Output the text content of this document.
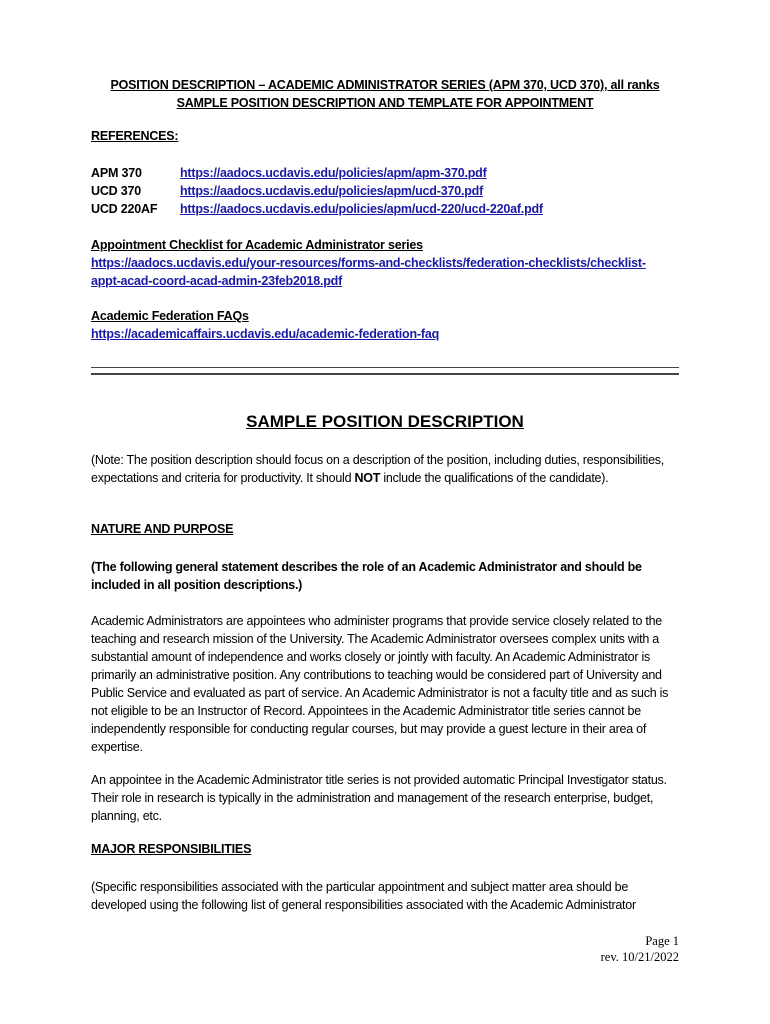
POSITION DESCRIPTION – ACADEMIC ADMINISTRATOR SERIES (APM 370, UCD 370), all ranks
SAMPLE POSITION DESCRIPTION AND TEMPLATE FOR APPOINTMENT
REFERENCES:
APM 370	https://aadocs.ucdavis.edu/policies/apm/apm-370.pdf
UCD 370	https://aadocs.ucdavis.edu/policies/apm/ucd-370.pdf
UCD 220AF	https://aadocs.ucdavis.edu/policies/apm/ucd-220/ucd-220af.pdf
Appointment Checklist for Academic Administrator series
https://aadocs.ucdavis.edu/your-resources/forms-and-checklists/federation-checklists/checklist-
appt-acad-coord-acad-admin-23feb2018.pdf
Academic Federation FAQs
https://academicaffairs.ucdavis.edu/academic-federation-faq
SAMPLE POSITION DESCRIPTION
(Note: The position description should focus on a description of the position, including duties, responsibilities, expectations and criteria for productivity. It should NOT include the qualifications of the candidate).
NATURE AND PURPOSE
(The following general statement describes the role of an Academic Administrator and should be included in all position descriptions.)
Academic Administrators are appointees who administer programs that provide service closely related to the teaching and research mission of the University. The Academic Administrator oversees complex units with a substantial amount of independence and works closely or jointly with faculty. An Academic Administrator is primarily an administrative position. Any contributions to teaching would be considered part of University and Public Service and evaluated as part of service. An Academic Administrator is not a faculty title and as such is not eligible to be an Instructor of Record. Appointees in the Academic Administrator title series cannot be independently responsible for conducting regular courses, but may provide a guest lecture in their area of expertise.
An appointee in the Academic Administrator title series is not provided automatic Principal Investigator status. Their role in research is typically in the administration and management of the research enterprise, budget, planning, etc.
MAJOR RESPONSIBILITIES
(Specific responsibilities associated with the particular appointment and subject matter area should be developed using the following list of general responsibilities associated with the Academic Administrator
Page 1
rev. 10/21/2022
